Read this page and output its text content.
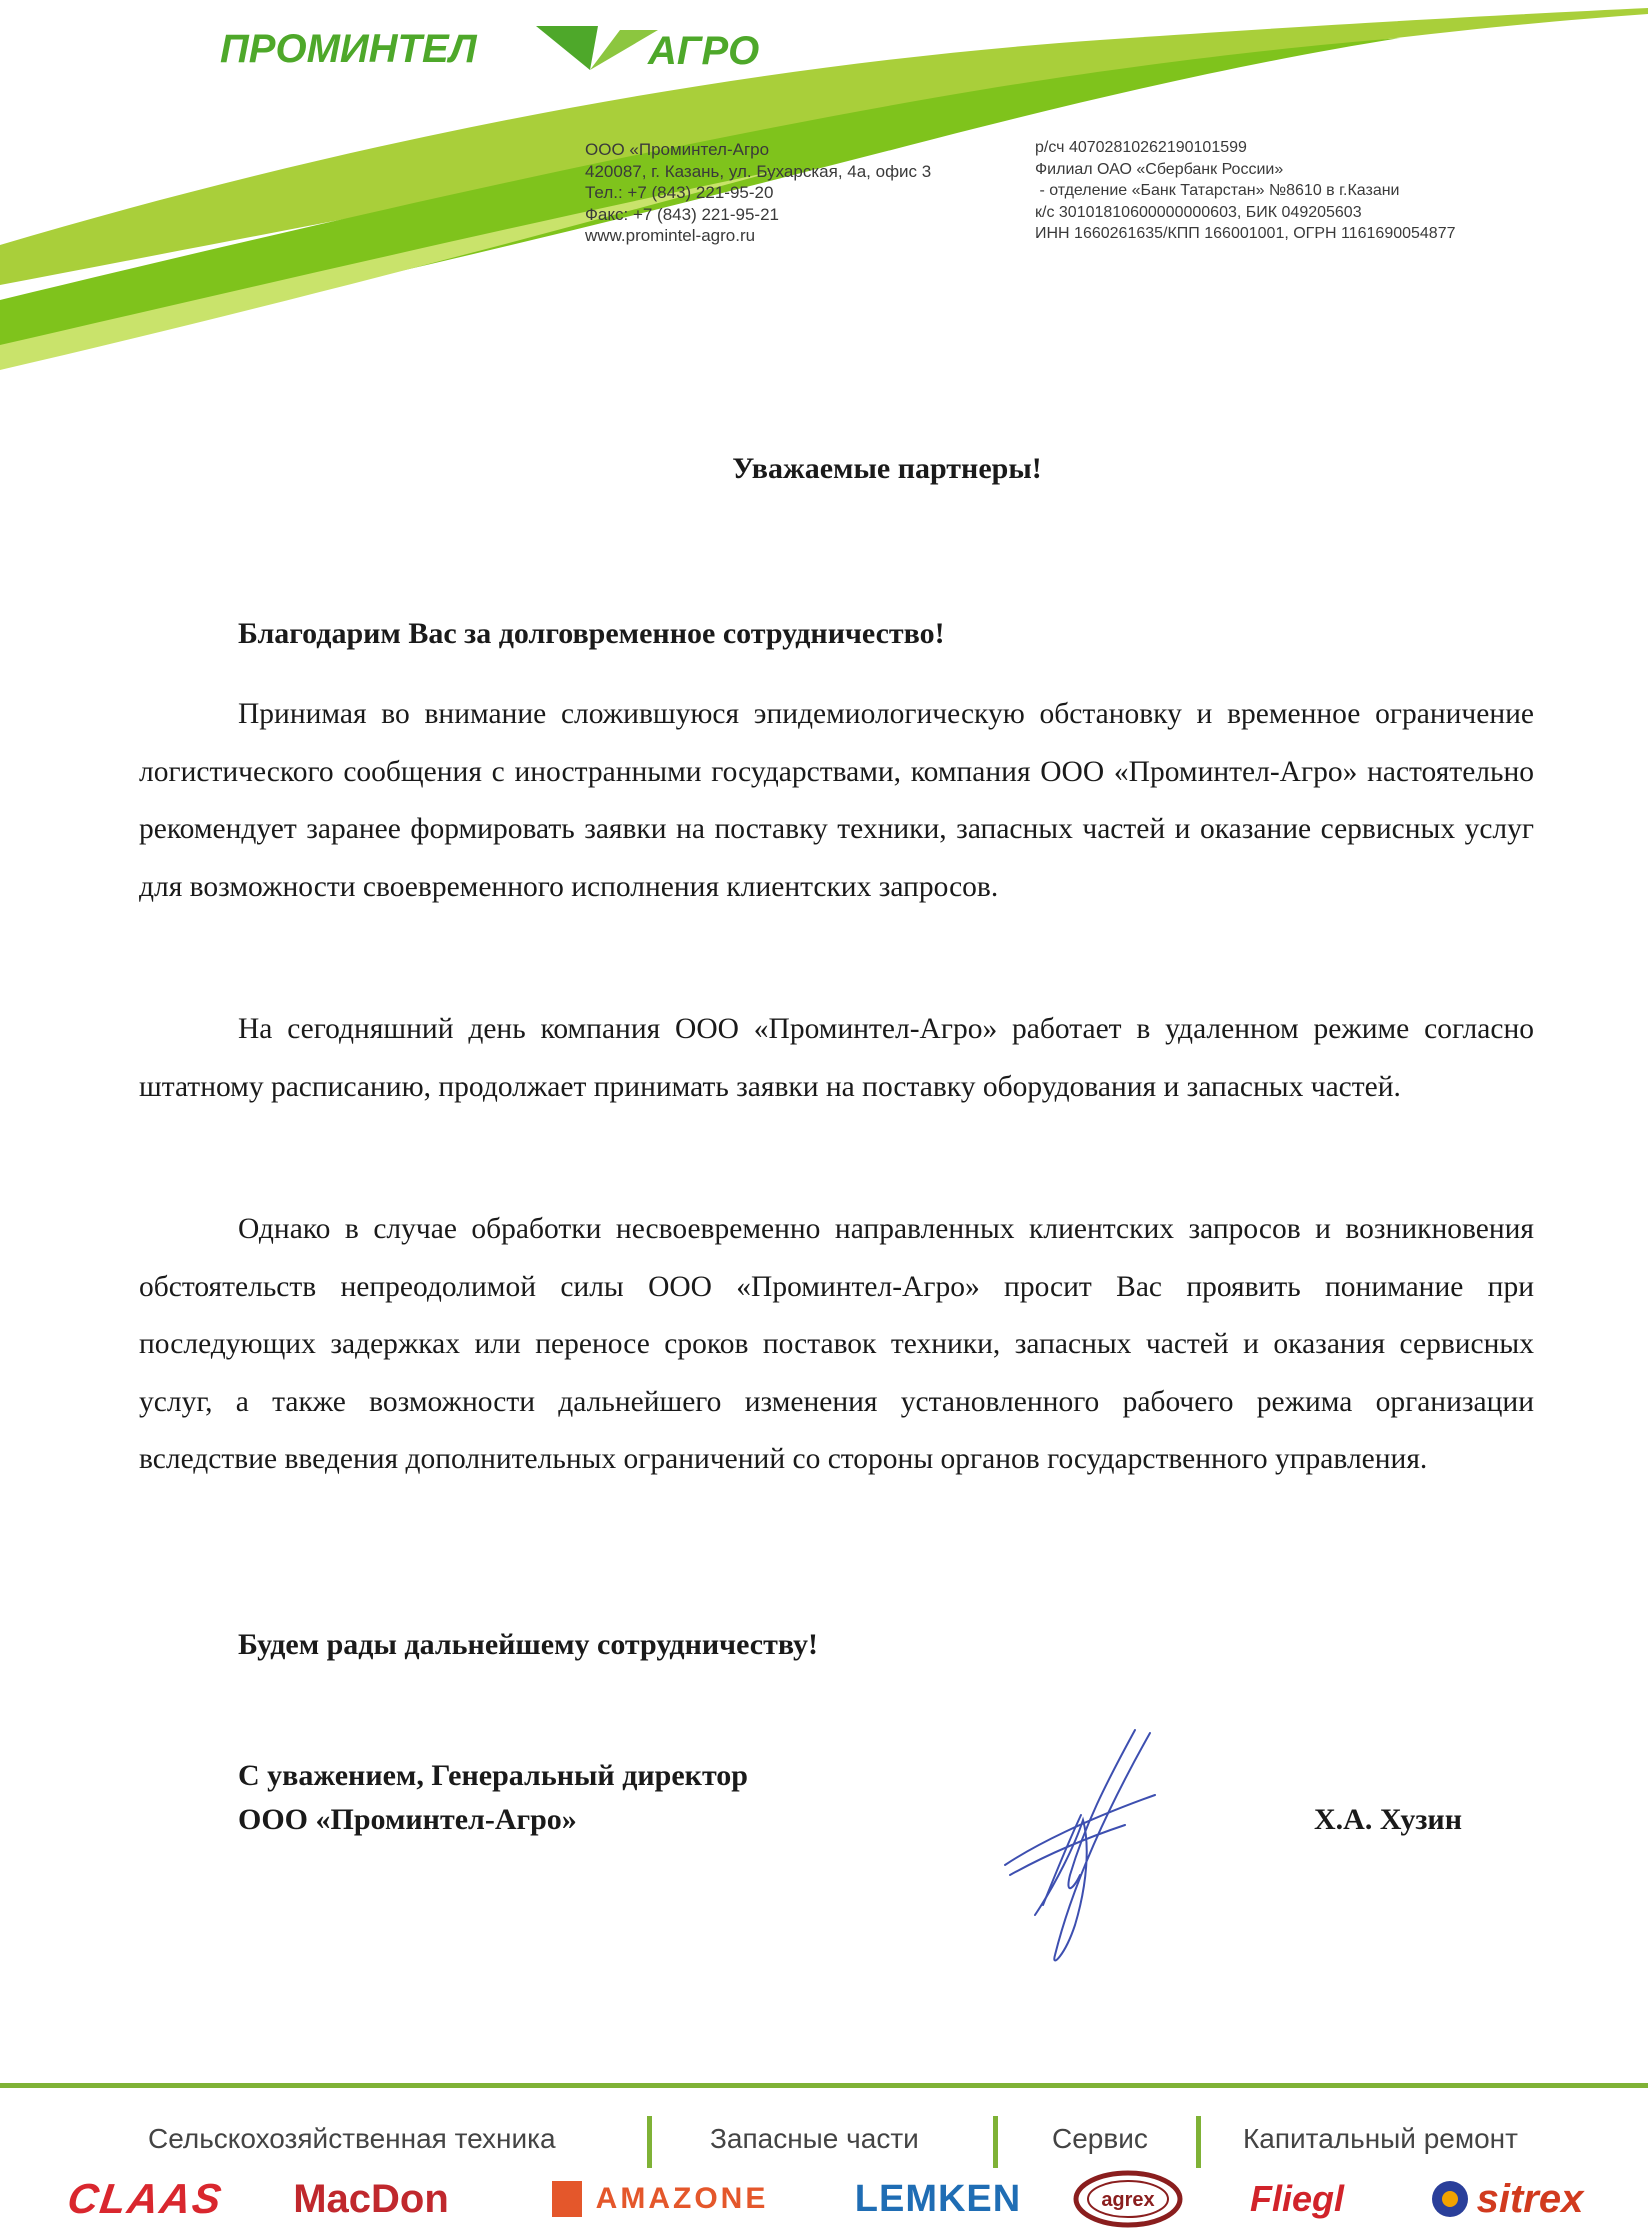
ПРОМИНТЕЛ	АГРО
ООО «Проминтел-Агро
420087, г. Казань, ул. Бухарская, 4а, офис 3
Тел.: +7 (843) 221-95-20
Факс: +7 (843) 221-95-21
www.promintel-agro.ru
р/сч 40702810262190101599
Филиал ОАО «Сбербанк России»
- отделение «Банк Татарстан» №8610 в г.Казани
к/с 30101810600000000603, БИК 049205603
ИНН 1660261635/КПП 166001001, ОГРН 1161690054877
Уважаемые партнеры!
Благодарим Вас за долговременное сотрудничество!

Принимая во внимание сложившуюся эпидемиологическую обстановку и временное ограничение логистического сообщения с иностранными государствами, компания ООО «Проминтел-Агро» настоятельно рекомендует заранее формировать заявки на поставку техники, запасных частей и оказание сервисных услуг для возможности своевременного исполнения клиентских запросов.

На сегодняшний день компания ООО «Проминтел-Агро» работает в удаленном режиме согласно штатному расписанию, продолжает принимать заявки на поставку оборудования и запасных частей.

Однако в случае обработки несвоевременно направленных клиентских запросов и возникновения обстоятельств непреодолимой силы ООО «Проминтел-Агро» просит Вас проявить понимание при последующих задержках или переносе сроков поставок техники, запасных частей и оказания сервисных услуг, а также возможности дальнейшего изменения установленного рабочего режима организации вследствие введения дополнительных ограничений со стороны органов государственного управления.

Будем рады дальнейшему сотрудничеству!
С уважением, Генеральный директор
ООО «Проминтел-Агро»	Х.А. Хузин
Сельскохозяйственная техника	Запасные части	Сервис	Капитальный ремонт
CLAAS MacDon	AMAZONE LEMKEN	agrex	Fliegl	sitrex
